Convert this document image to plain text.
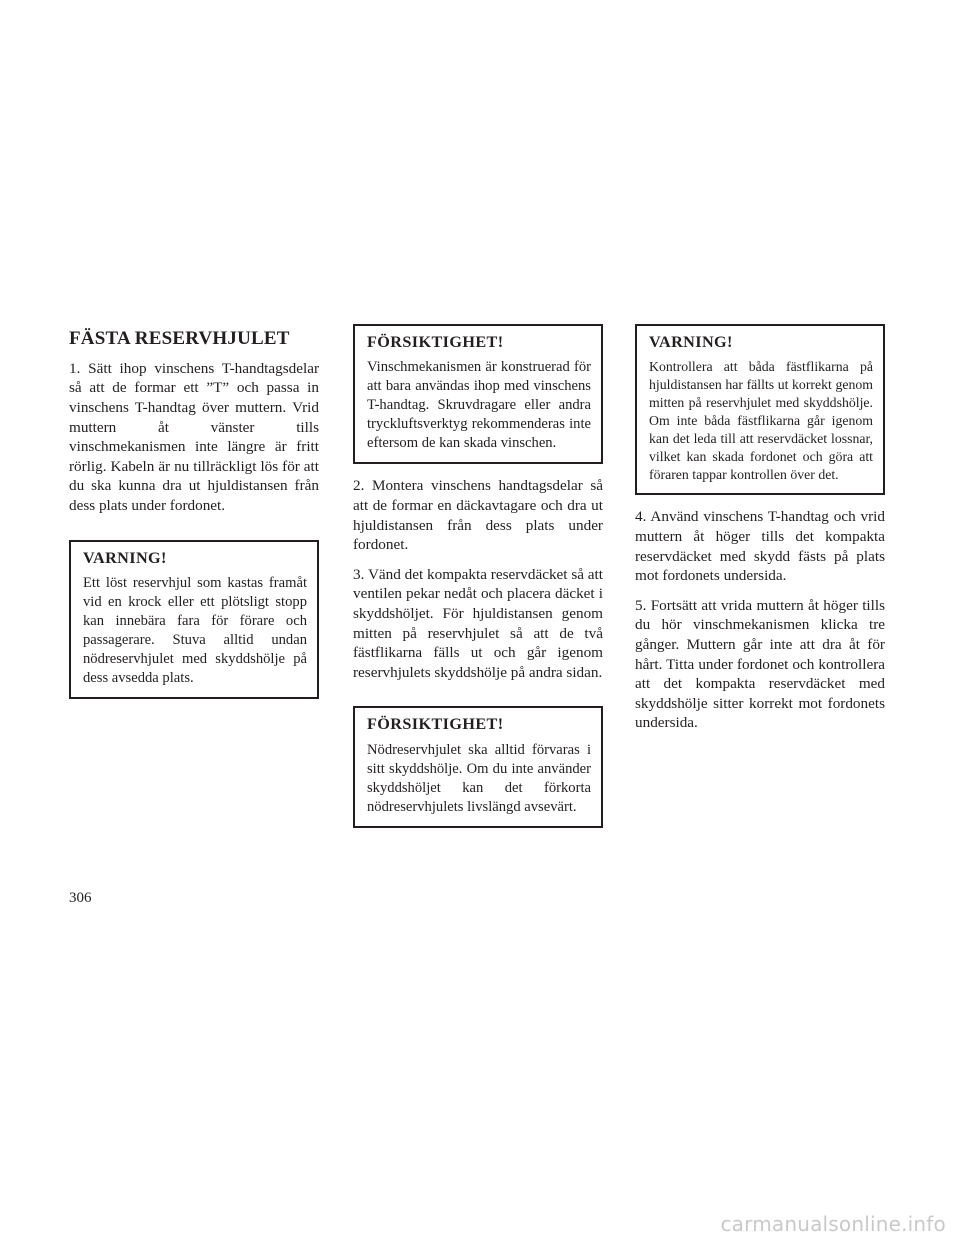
FÄSTA RESERVHJULET

1. Sätt ihop vinschens T-handtagsdelar så att de formar ett ”T” och passa in vinschens T-handtag över muttern. Vrid muttern åt vänster tills vinschmekanismen inte längre är fritt rörlig. Kabeln är nu tillräckligt lös för att du ska kunna dra ut hjuldistansen från dess plats under fordonet.

VARNING!

Ett löst reservhjul som kastas framåt vid en krock eller ett plötsligt stopp kan innebära fara för förare och passagerare. Stuva alltid undan nödreservhjulet med skyddshölje på dess avsedda plats.

FÖRSIKTIGHET!

Vinschmekanismen är konstruerad för att bara användas ihop med vinschens T-handtag. Skruvdragare eller andra tryckluftsverktyg rekommenderas inte eftersom de kan skada vinschen.

2. Montera vinschens handtagsdelar så att de formar en däckavtagare och dra ut hjuldistansen från dess plats under fordonet.

3. Vänd det kompakta reservdäcket så att ventilen pekar nedåt och placera däcket i skyddshöljet. För hjuldistansen genom mitten på reservhjulet så att de två fästflikarna fälls ut och går igenom reservhjulets skyddshölje på andra sidan.

FÖRSIKTIGHET!

Nödreservhjulet ska alltid förvaras i sitt skyddshölje. Om du inte använder skyddshöljet kan det förkorta nödreservhjulets livslängd avsevärt.

VARNING!

Kontrollera att båda fästflikarna på hjuldistansen har fällts ut korrekt genom mitten på reservhjulet med skyddshölje. Om inte båda fästflikarna går igenom kan det leda till att reservdäcket lossnar, vilket kan skada fordonet och göra att föraren tappar kontrollen över det.

4. Använd vinschens T-handtag och vrid muttern åt höger tills det kompakta reservdäcket med skydd fästs på plats mot fordonets undersida.

5. Fortsätt att vrida muttern åt höger tills du hör vinschmekanismen klicka tre gånger. Muttern går inte att dra åt för hårt. Titta under fordonet och kontrollera att det kompakta reservdäcket med skyddshölje sitter korrekt mot fordonets undersida.

306

carmanualsonline.info
